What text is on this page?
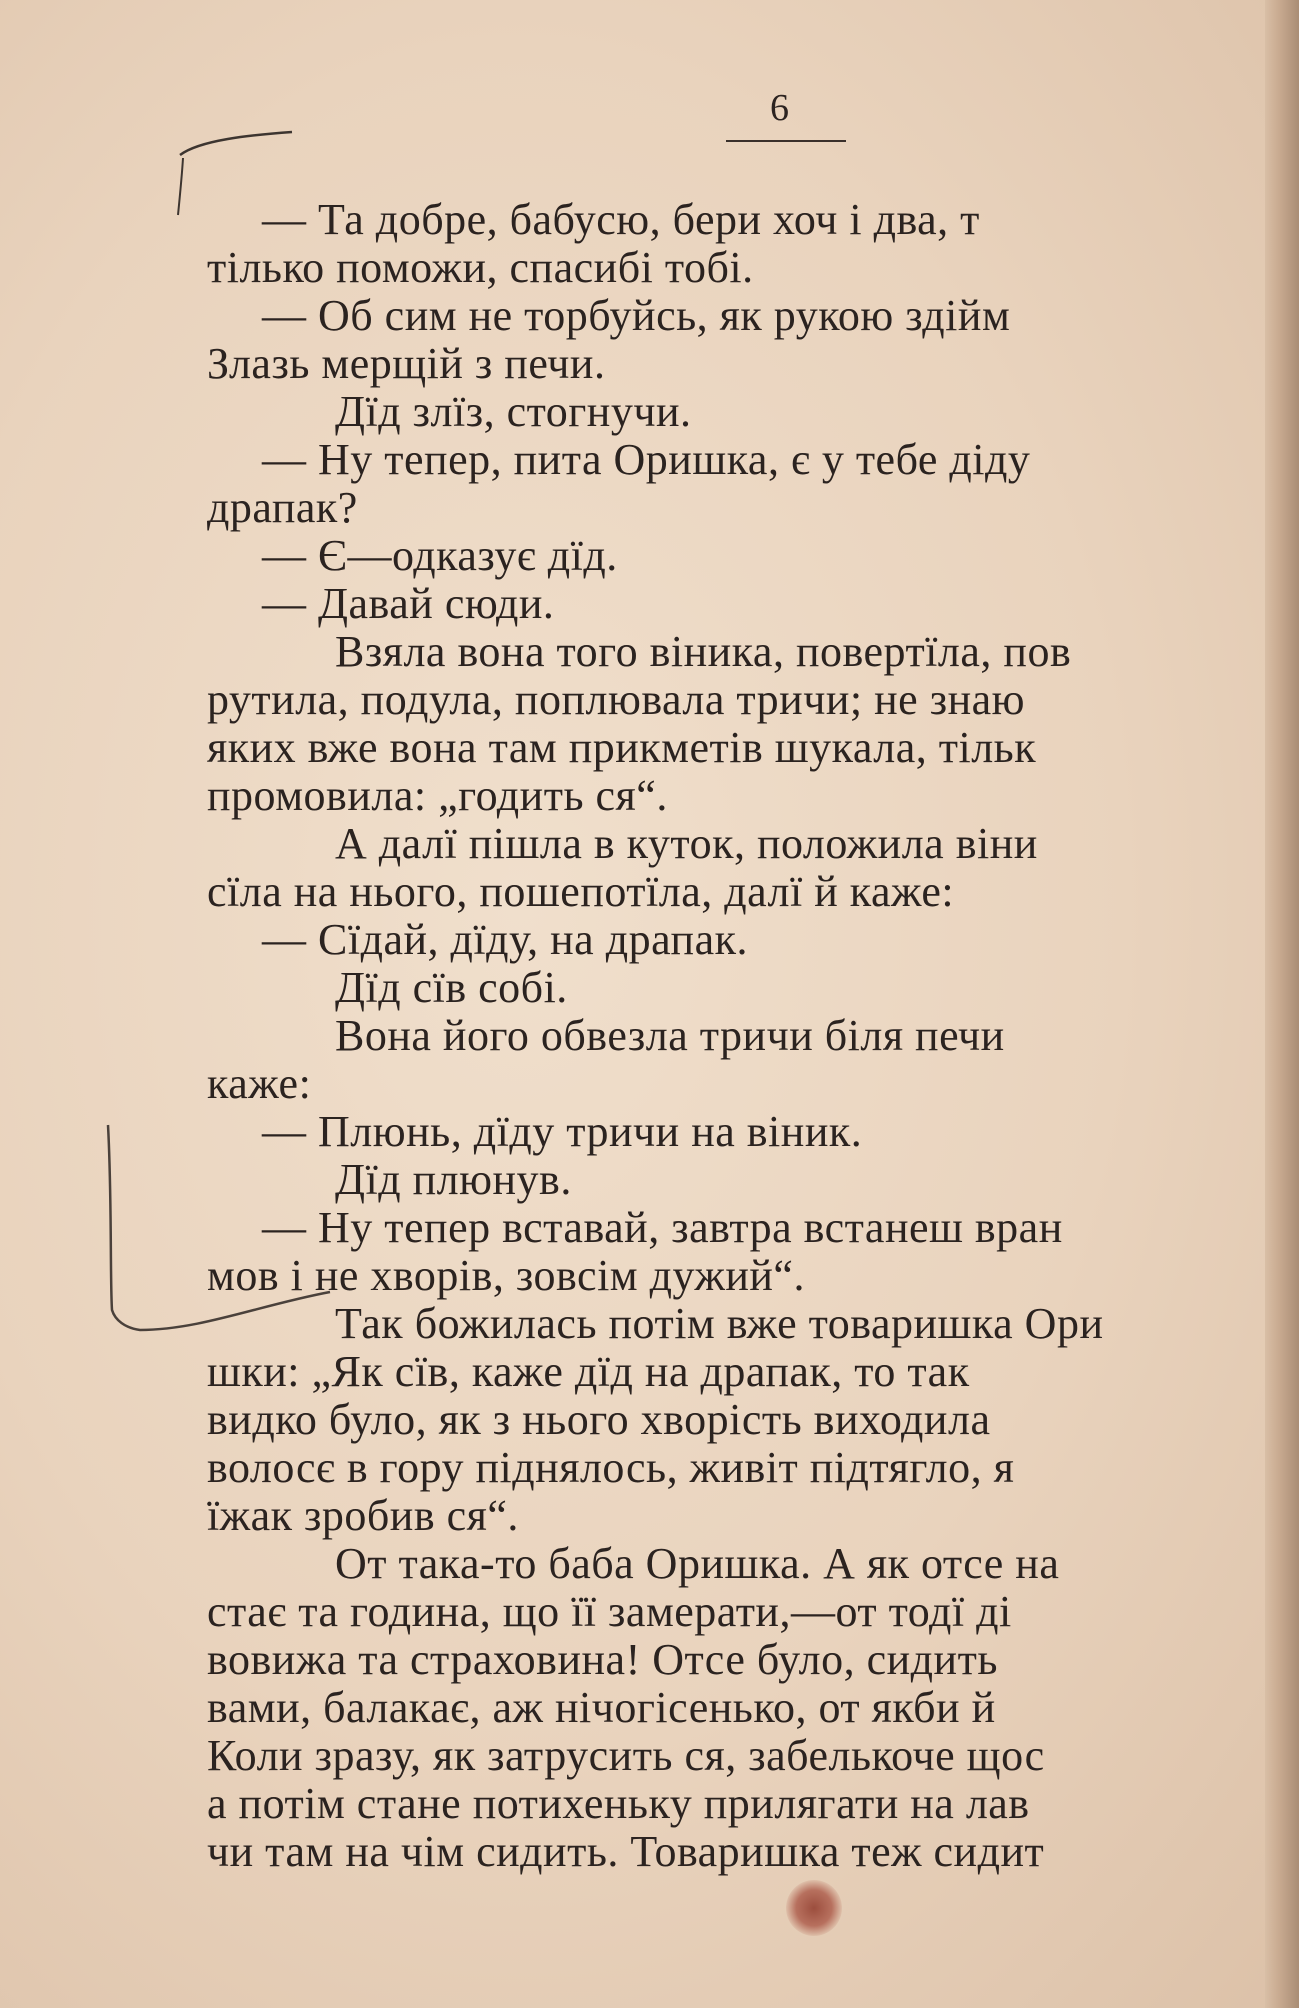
6
— Та добре, бабусю, бери хоч і два, т
тілько поможи, спасибі тобі.
— Об сим не торбуйсь, як рукою здійм
Злазь мерщій з печи.
Дїд злїз, стогнучи.
— Ну тепер, пита Оришка, є у тебе діду
драпак?
— Є—одказує дїд.
— Давай сюди.
Взяла вона того віника, повертїла, пов
рутила, подула, поплювала тричи; не знаю
яких вже вона там прикметів шукала, тільк
промовила: „годить ся“.
А далї пішла в куток, положила віни
сїла на нього, пошепотїла, далї й каже:
— Сїдай, дїду, на драпак.
Дїд сїв собі.
Вона його обвезла тричи біля печи
каже:
— Плюнь, дїду тричи на віник.
Дїд плюнув.
— Ну тепер вставай, завтра встанеш вран
мов і не хворів, зовсім дужий“.
Так божилась потім вже товаришка Ори
шки: „Як сїв, каже дїд на драпак, то так
видко було, як з нього хворість виходила
волосє в гору піднялось, живіт підтягло, я
їжак зробив ся“.
От така-то баба Оришка. А як отсе на
стає та година, що її замерати,—от тодї ді
вовижа та страховина! Отсе було, сидить
вами, балакає, аж нічогісенько, от якби й
Коли зразу, як затрусить ся, забелькоче щос
а потім стане потихеньку прилягати на лав
чи там на чім сидить. Товаришка теж сидит
